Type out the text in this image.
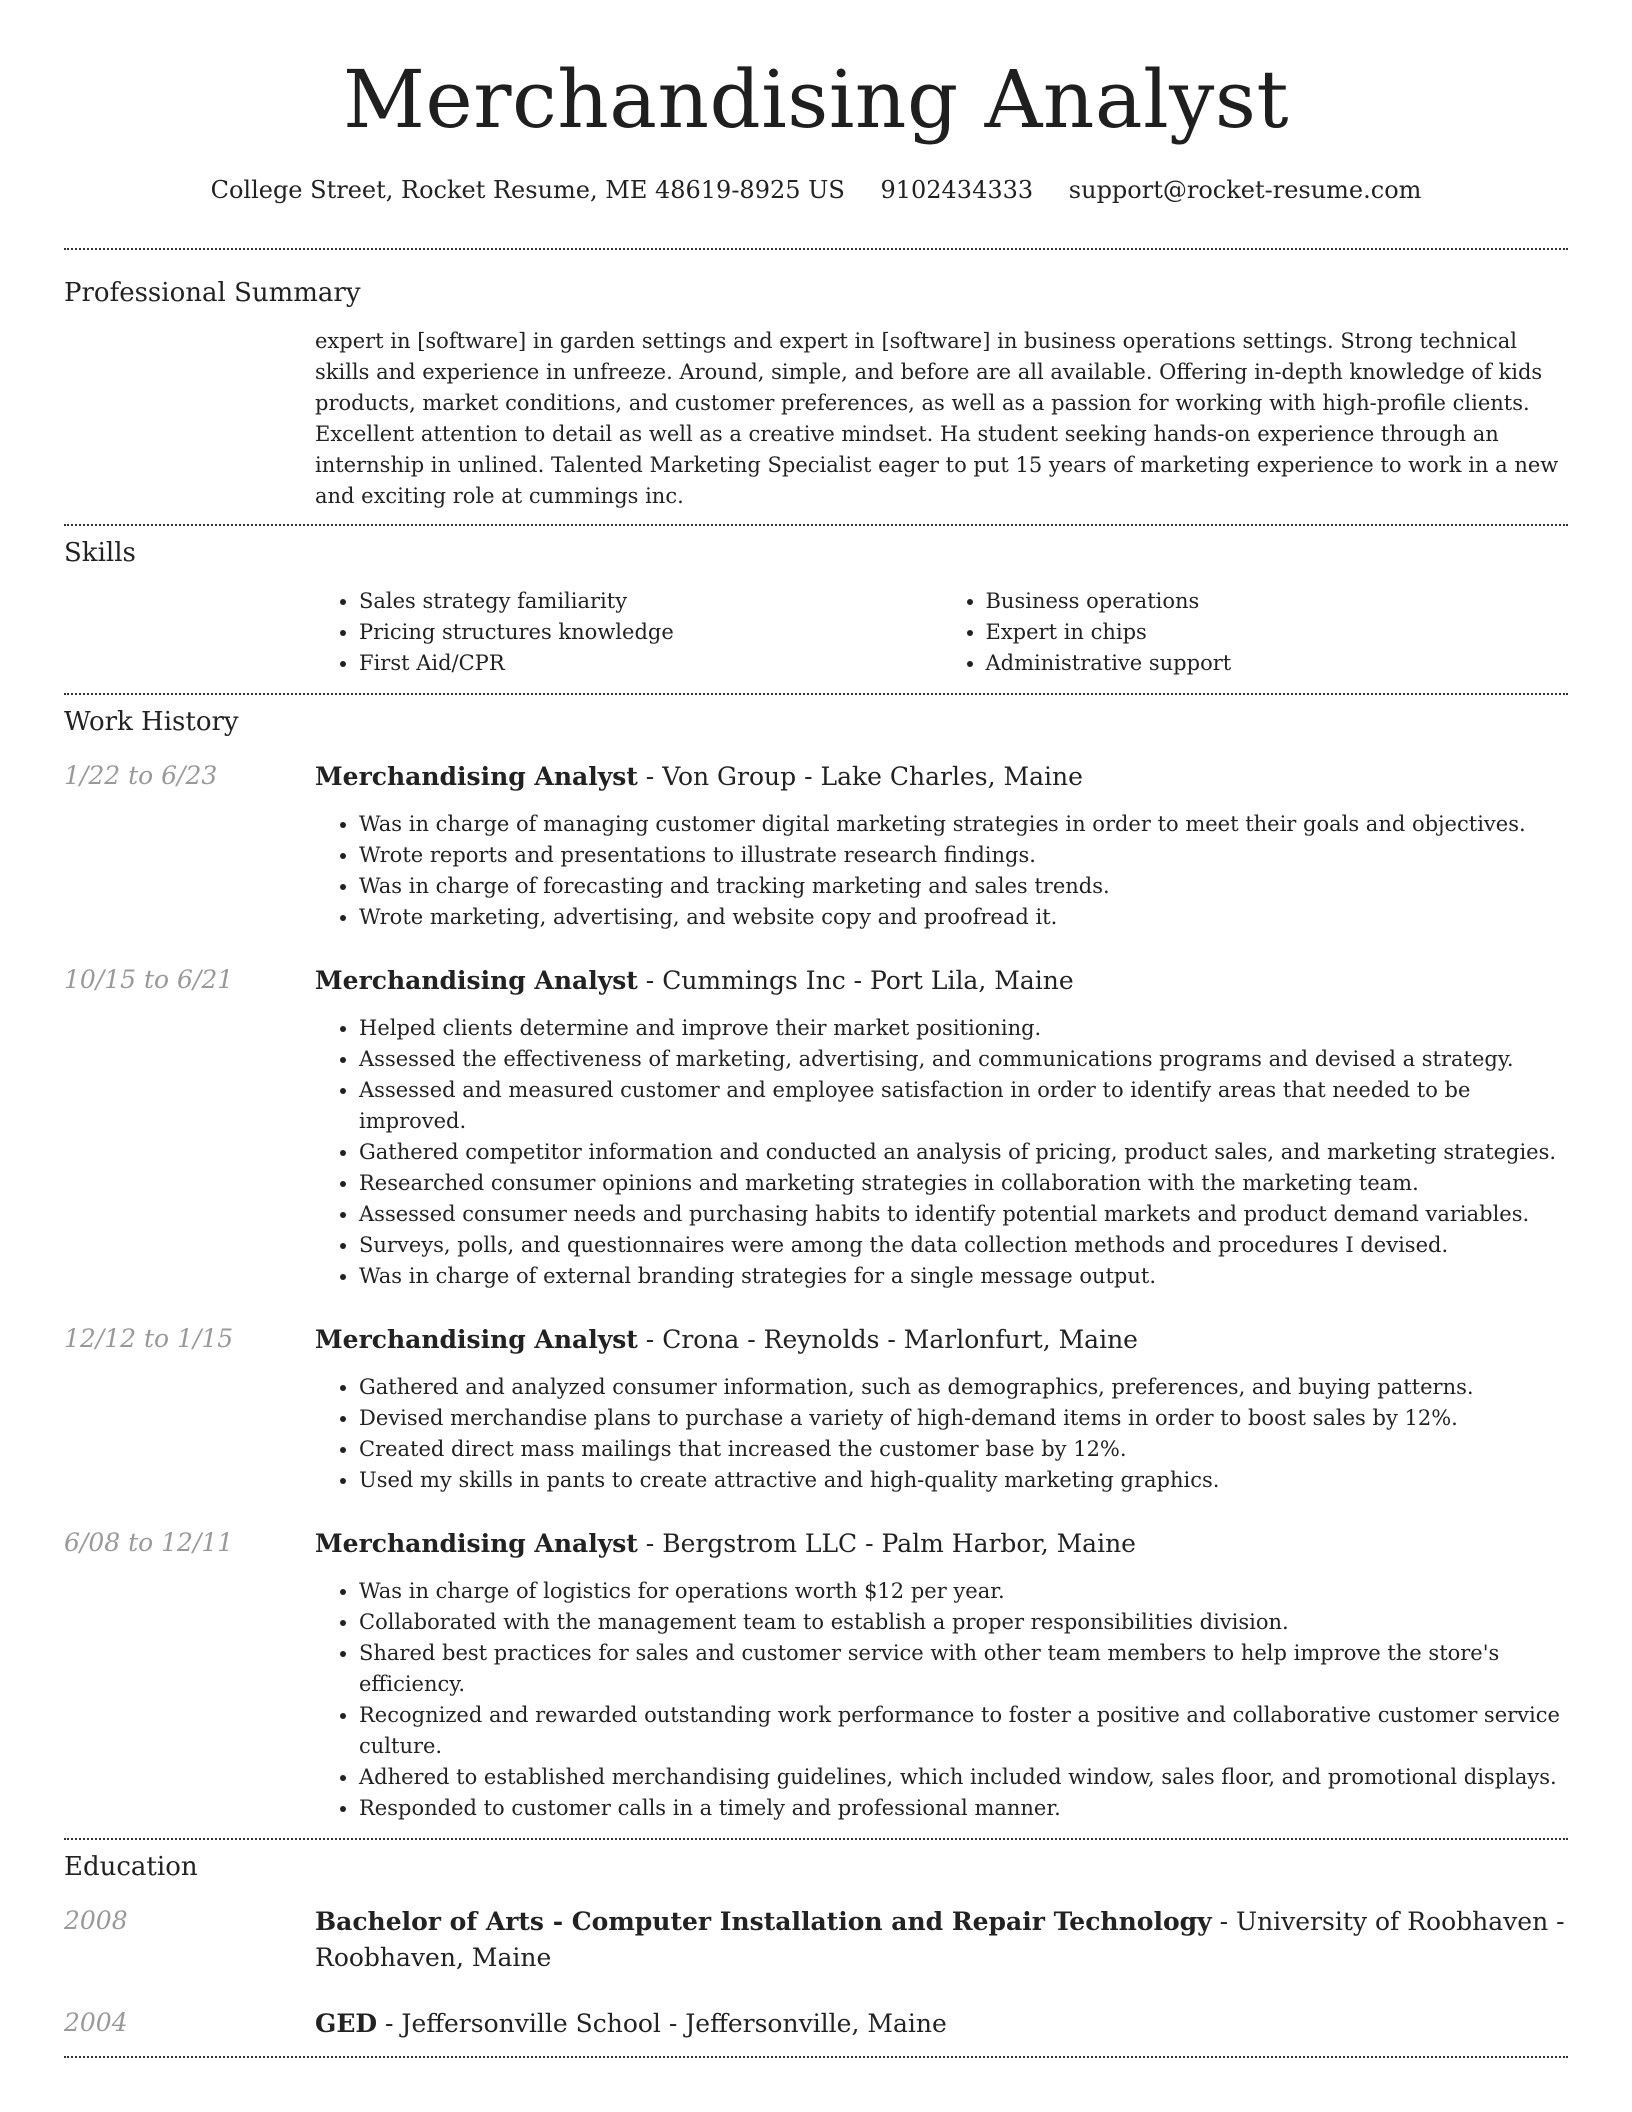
Merchandising Analyst
College Street, Rocket Resume, ME 48619-8925 US 9102434333 support@rocket-resume.com
Professional Summary
expert in [software] in garden settings and expert in [software] in business operations settings. Strong technical skills and experience in unfreeze. Around, simple, and before are all available. Offering in-depth knowledge of kids products, market conditions, and customer preferences, as well as a passion for working with high-profile clients. Excellent attention to detail as well as a creative mindset. Ha student seeking hands-on experience through an internship in unlined. Talented Marketing Specialist eager to put 15 years of marketing experience to work in a new and exciting role at cummings inc.
Skills
• Sales strategy familiarity
• Pricing structures knowledge
• First Aid/CPR
• Business operations
• Expert in chips
• Administrative support
Work History
1/22 to 6/23	Merchandising Analyst - Von Group - Lake Charles, Maine
• Was in charge of managing customer digital marketing strategies in order to meet their goals and objectives.
• Wrote reports and presentations to illustrate research findings.
• Was in charge of forecasting and tracking marketing and sales trends.
• Wrote marketing, advertising, and website copy and proofread it.
10/15 to 6/21	Merchandising Analyst - Cummings Inc - Port Lila, Maine
• Helped clients determine and improve their market positioning.
• Assessed the effectiveness of marketing, advertising, and communications programs and devised a strategy.
• Assessed and measured customer and employee satisfaction in order to identify areas that needed to be improved.
• Gathered competitor information and conducted an analysis of pricing, product sales, and marketing strategies.
• Researched consumer opinions and marketing strategies in collaboration with the marketing team.
• Assessed consumer needs and purchasing habits to identify potential markets and product demand variables.
• Surveys, polls, and questionnaires were among the data collection methods and procedures I devised.
• Was in charge of external branding strategies for a single message output.
12/12 to 1/15	Merchandising Analyst - Crona - Reynolds - Marlonfurt, Maine
• Gathered and analyzed consumer information, such as demographics, preferences, and buying patterns.
• Devised merchandise plans to purchase a variety of high-demand items in order to boost sales by 12%.
• Created direct mass mailings that increased the customer base by 12%.
• Used my skills in pants to create attractive and high-quality marketing graphics.
6/08 to 12/11	Merchandising Analyst - Bergstrom LLC - Palm Harbor, Maine
• Was in charge of logistics for operations worth $12 per year.
• Collaborated with the management team to establish a proper responsibilities division.
• Shared best practices for sales and customer service with other team members to help improve the store's efficiency.
• Recognized and rewarded outstanding work performance to foster a positive and collaborative customer service culture.
• Adhered to established merchandising guidelines, which included window, sales floor, and promotional displays.
• Responded to customer calls in a timely and professional manner.
Education
2008	Bachelor of Arts - Computer Installation and Repair Technology - University of Roobhaven - Roobhaven, Maine
2004	GED - Jeffersonville School - Jeffersonville, Maine
